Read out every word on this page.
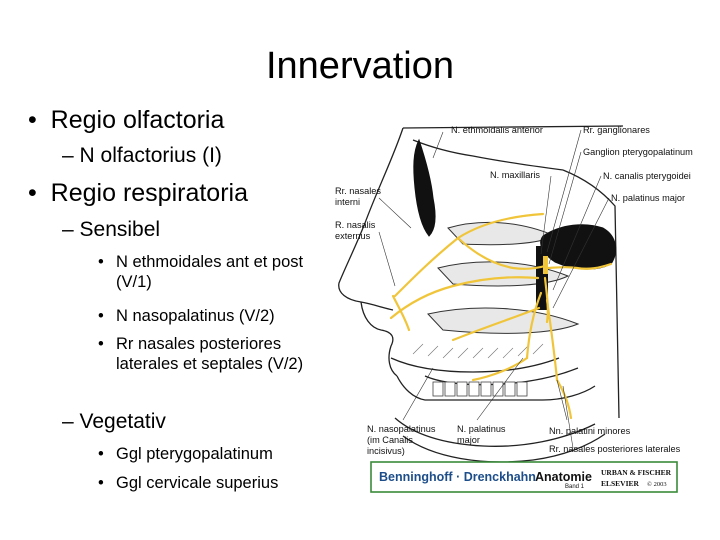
Innervation
• Regio olfactoria
– N olfactorius (I)
• Regio respiratoria
– Sensibel
• N ethmoidales ant et post (V/1)
• N nasopalatinus (V/2)
• Rr nasales posteriores laterales et septales (V/2)
– Vegetativ
• Ggl pterygopalatinum
• Ggl cervicale superius
N. ethmoidalis anterior	Rr. ganglionares
Ganglion pterygopalatinum
N. maxillaris	N. canalis pterygoidei
Rr. nasales
interni	N. palatinus major
R. nasalis
externus
N. nasopalatinus
(im Canalis
incisivus)
N. palatinus
major
Nn. palatini minores
Rr. nasales posteriores laterales
Benninghoff · Drenckhahn Anatomie
Band 1
URBAN & FISCHER
ELSEVIER © 2003
